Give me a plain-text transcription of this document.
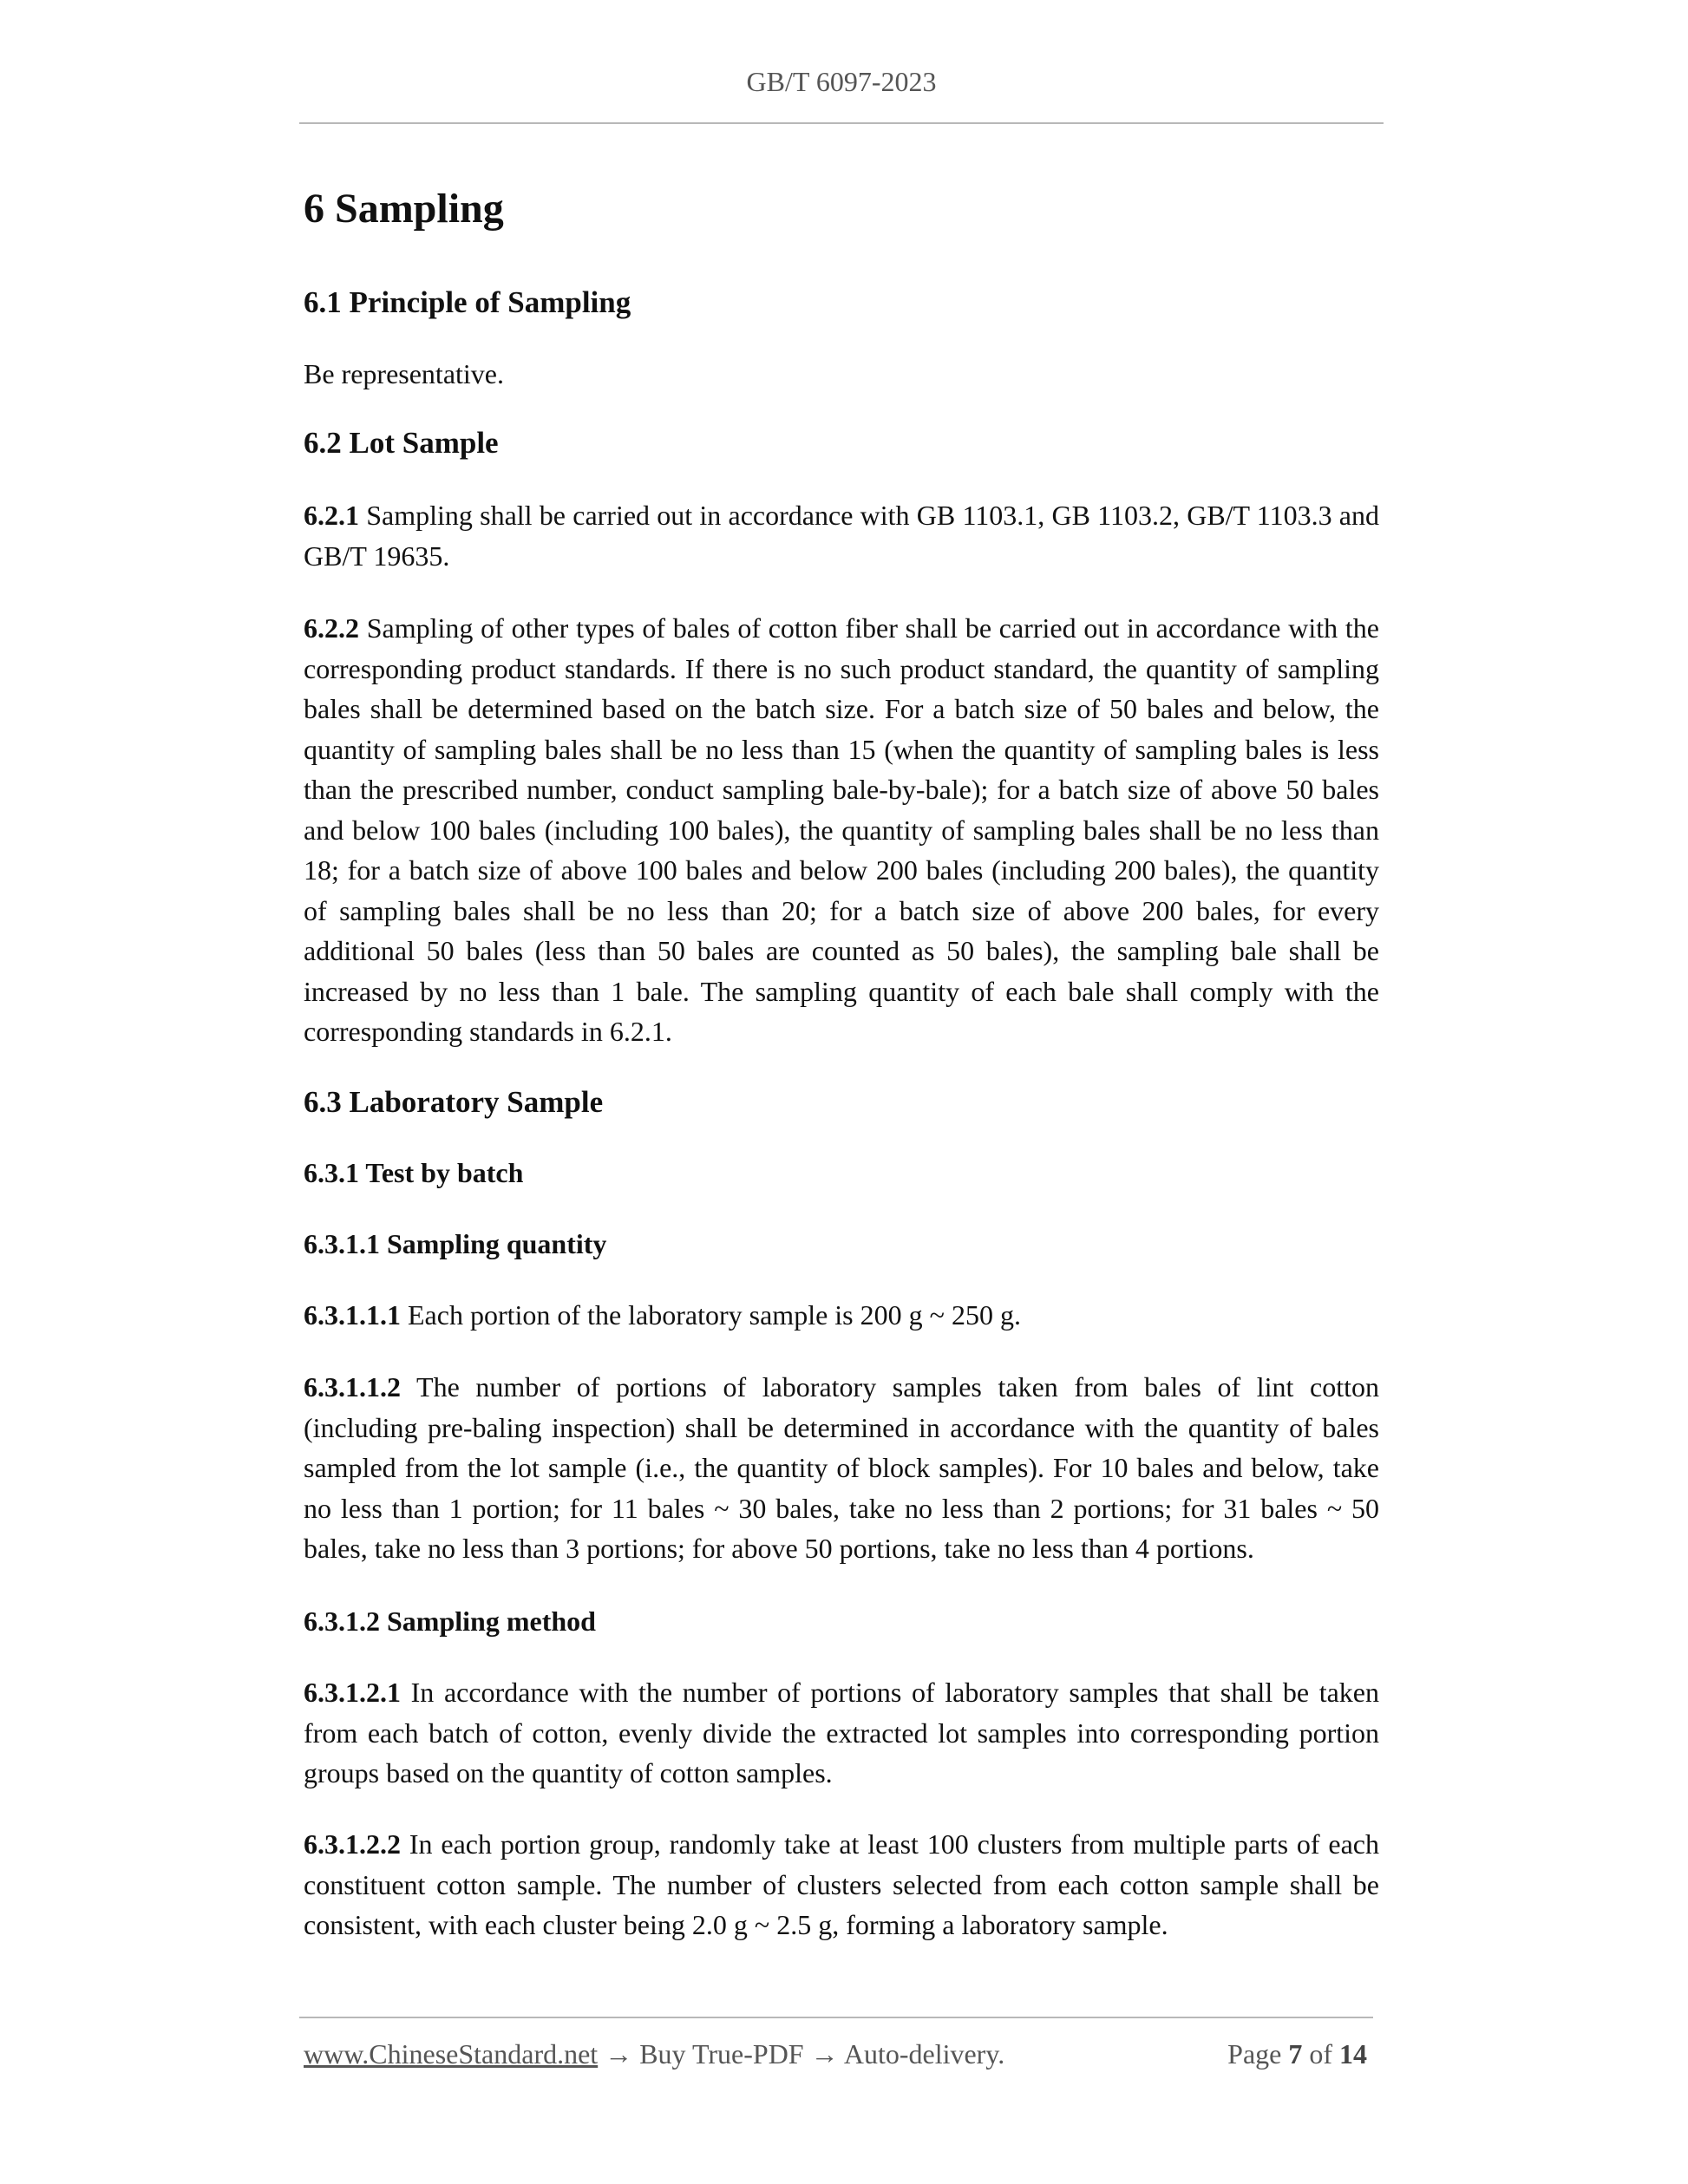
GB/T 6097-2023
6 Sampling
6.1 Principle of Sampling

Be representative.

6.2 Lot Sample

6.2.1 Sampling shall be carried out in accordance with GB 1103.1, GB 1103.2, GB/T 1103.3 and GB/T 19635.

6.2.2 Sampling of other types of bales of cotton fiber shall be carried out in accordance with the corresponding product standards. If there is no such product standard, the quantity of sampling bales shall be determined based on the batch size. For a batch size of 50 bales and below, the quantity of sampling bales shall be no less than 15 (when the quantity of sampling bales is less than the prescribed number, conduct sampling bale-by-bale); for a batch size of above 50 bales and below 100 bales (including 100 bales), the quantity of sampling bales shall be no less than 18; for a batch size of above 100 bales and below 200 bales (including 200 bales), the quantity of sampling bales shall be no less than 20; for a batch size of above 200 bales, for every additional 50 bales (less than 50 bales are counted as 50 bales), the sampling bale shall be increased by no less than 1 bale. The sampling quantity of each bale shall comply with the corresponding standards in 6.2.1.

6.3 Laboratory Sample
6.3.1 Test by batch
6.3.1.1 Sampling quantity

6.3.1.1.1 Each portion of the laboratory sample is 200 g ~ 250 g.

6.3.1.1.2 The number of portions of laboratory samples taken from bales of lint cotton (including pre-baling inspection) shall be determined in accordance with the quantity of bales sampled from the lot sample (i.e., the quantity of block samples). For 10 bales and below, take no less than 1 portion; for 11 bales ~ 30 bales, take no less than 2 portions; for 31 bales ~ 50 bales, take no less than 3 portions; for above 50 portions, take no less than 4 portions.

6.3.1.2 Sampling method

6.3.1.2.1 In accordance with the number of portions of laboratory samples that shall be taken from each batch of cotton, evenly divide the extracted lot samples into corresponding portion groups based on the quantity of cotton samples.

6.3.1.2.2 In each portion group, randomly take at least 100 clusters from multiple parts of each constituent cotton sample. The number of clusters selected from each cotton sample shall be consistent, with each cluster being 2.0 g ~ 2.5 g, forming a laboratory sample.

www.ChineseStandard.net → Buy True-PDF → Auto-delivery.	Page 7 of 14
